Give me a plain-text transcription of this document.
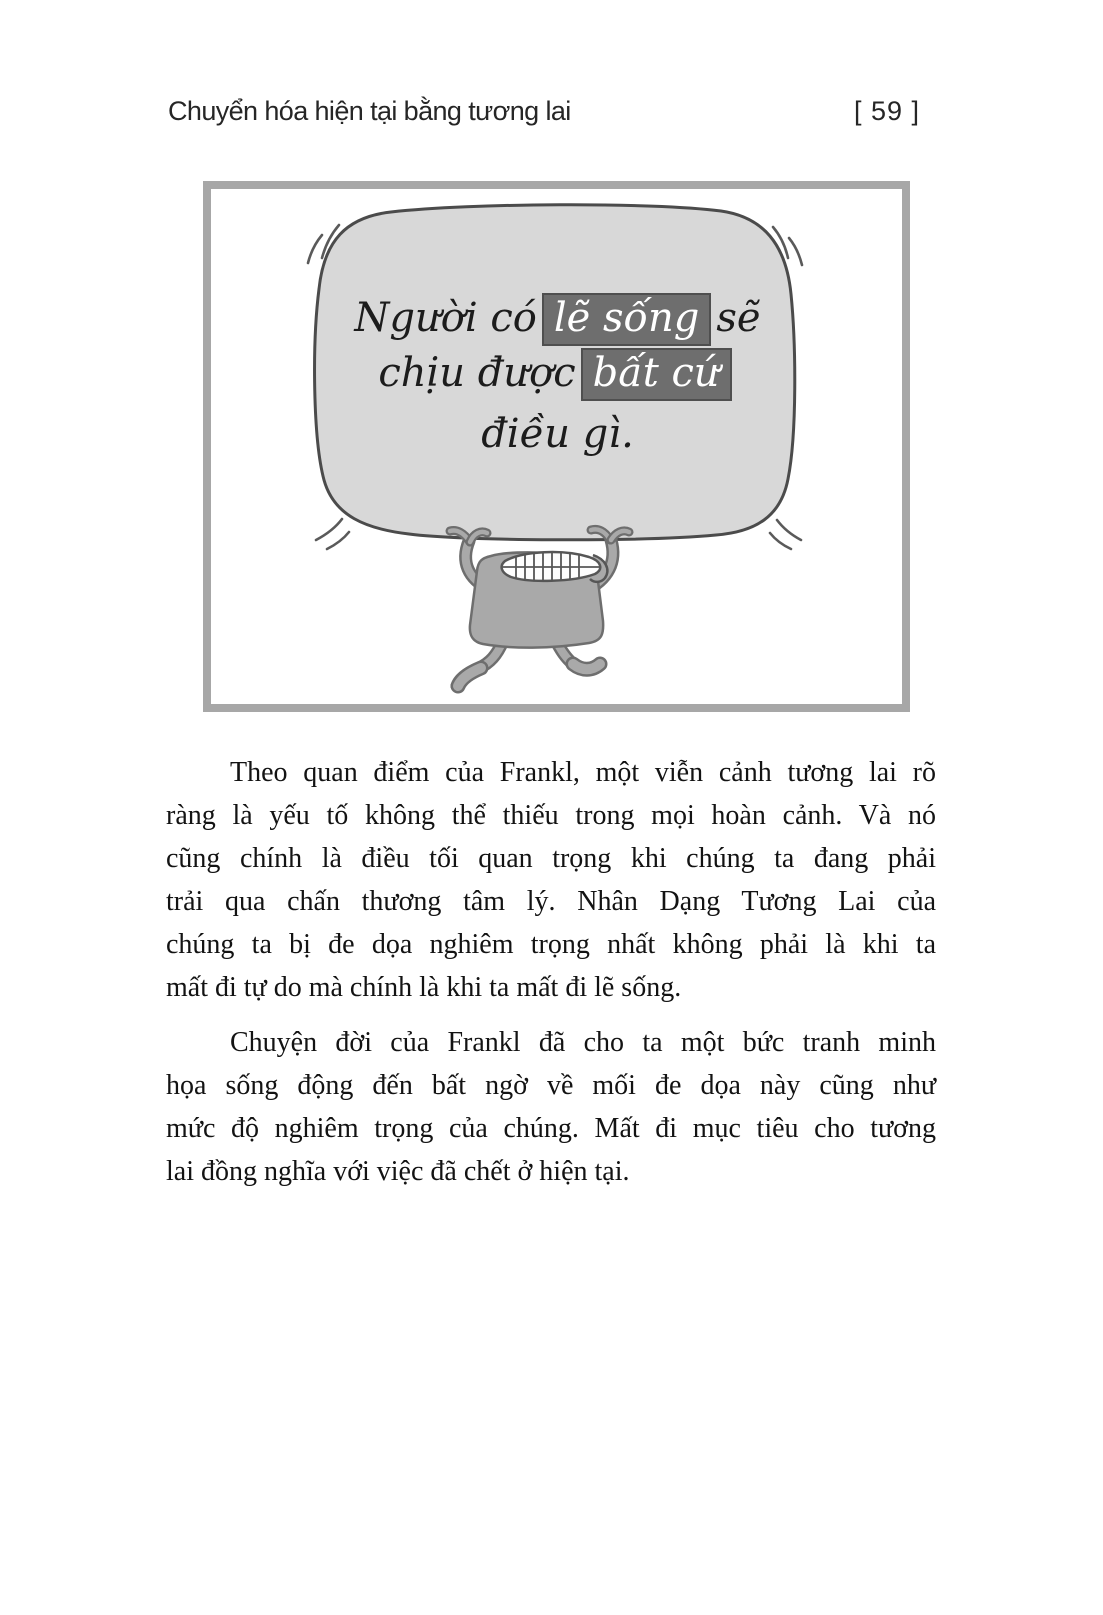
Chuyển hóa hiện tại bằng tương lai	[ 59 ]
Người có lẽ sống sẽ
chịu được bất cứ
điều gì.
Theo quan điểm của Frankl, một viễn cảnh tương lai rõ
ràng là yếu tố không thể thiếu trong mọi hoàn cảnh. Và nó
cũng chính là điều tối quan trọng khi chúng ta đang phải
trải qua chấn thương tâm lý. Nhân Dạng Tương Lai của
chúng ta bị đe dọa nghiêm trọng nhất không phải là khi ta
mất đi tự do mà chính là khi ta mất đi lẽ sống.
Chuyện đời của Frankl đã cho ta một bức tranh minh
họa sống động đến bất ngờ về mối đe dọa này cũng như
mức độ nghiêm trọng của chúng. Mất đi mục tiêu cho tương
lai đồng nghĩa với việc đã chết ở hiện tại.
